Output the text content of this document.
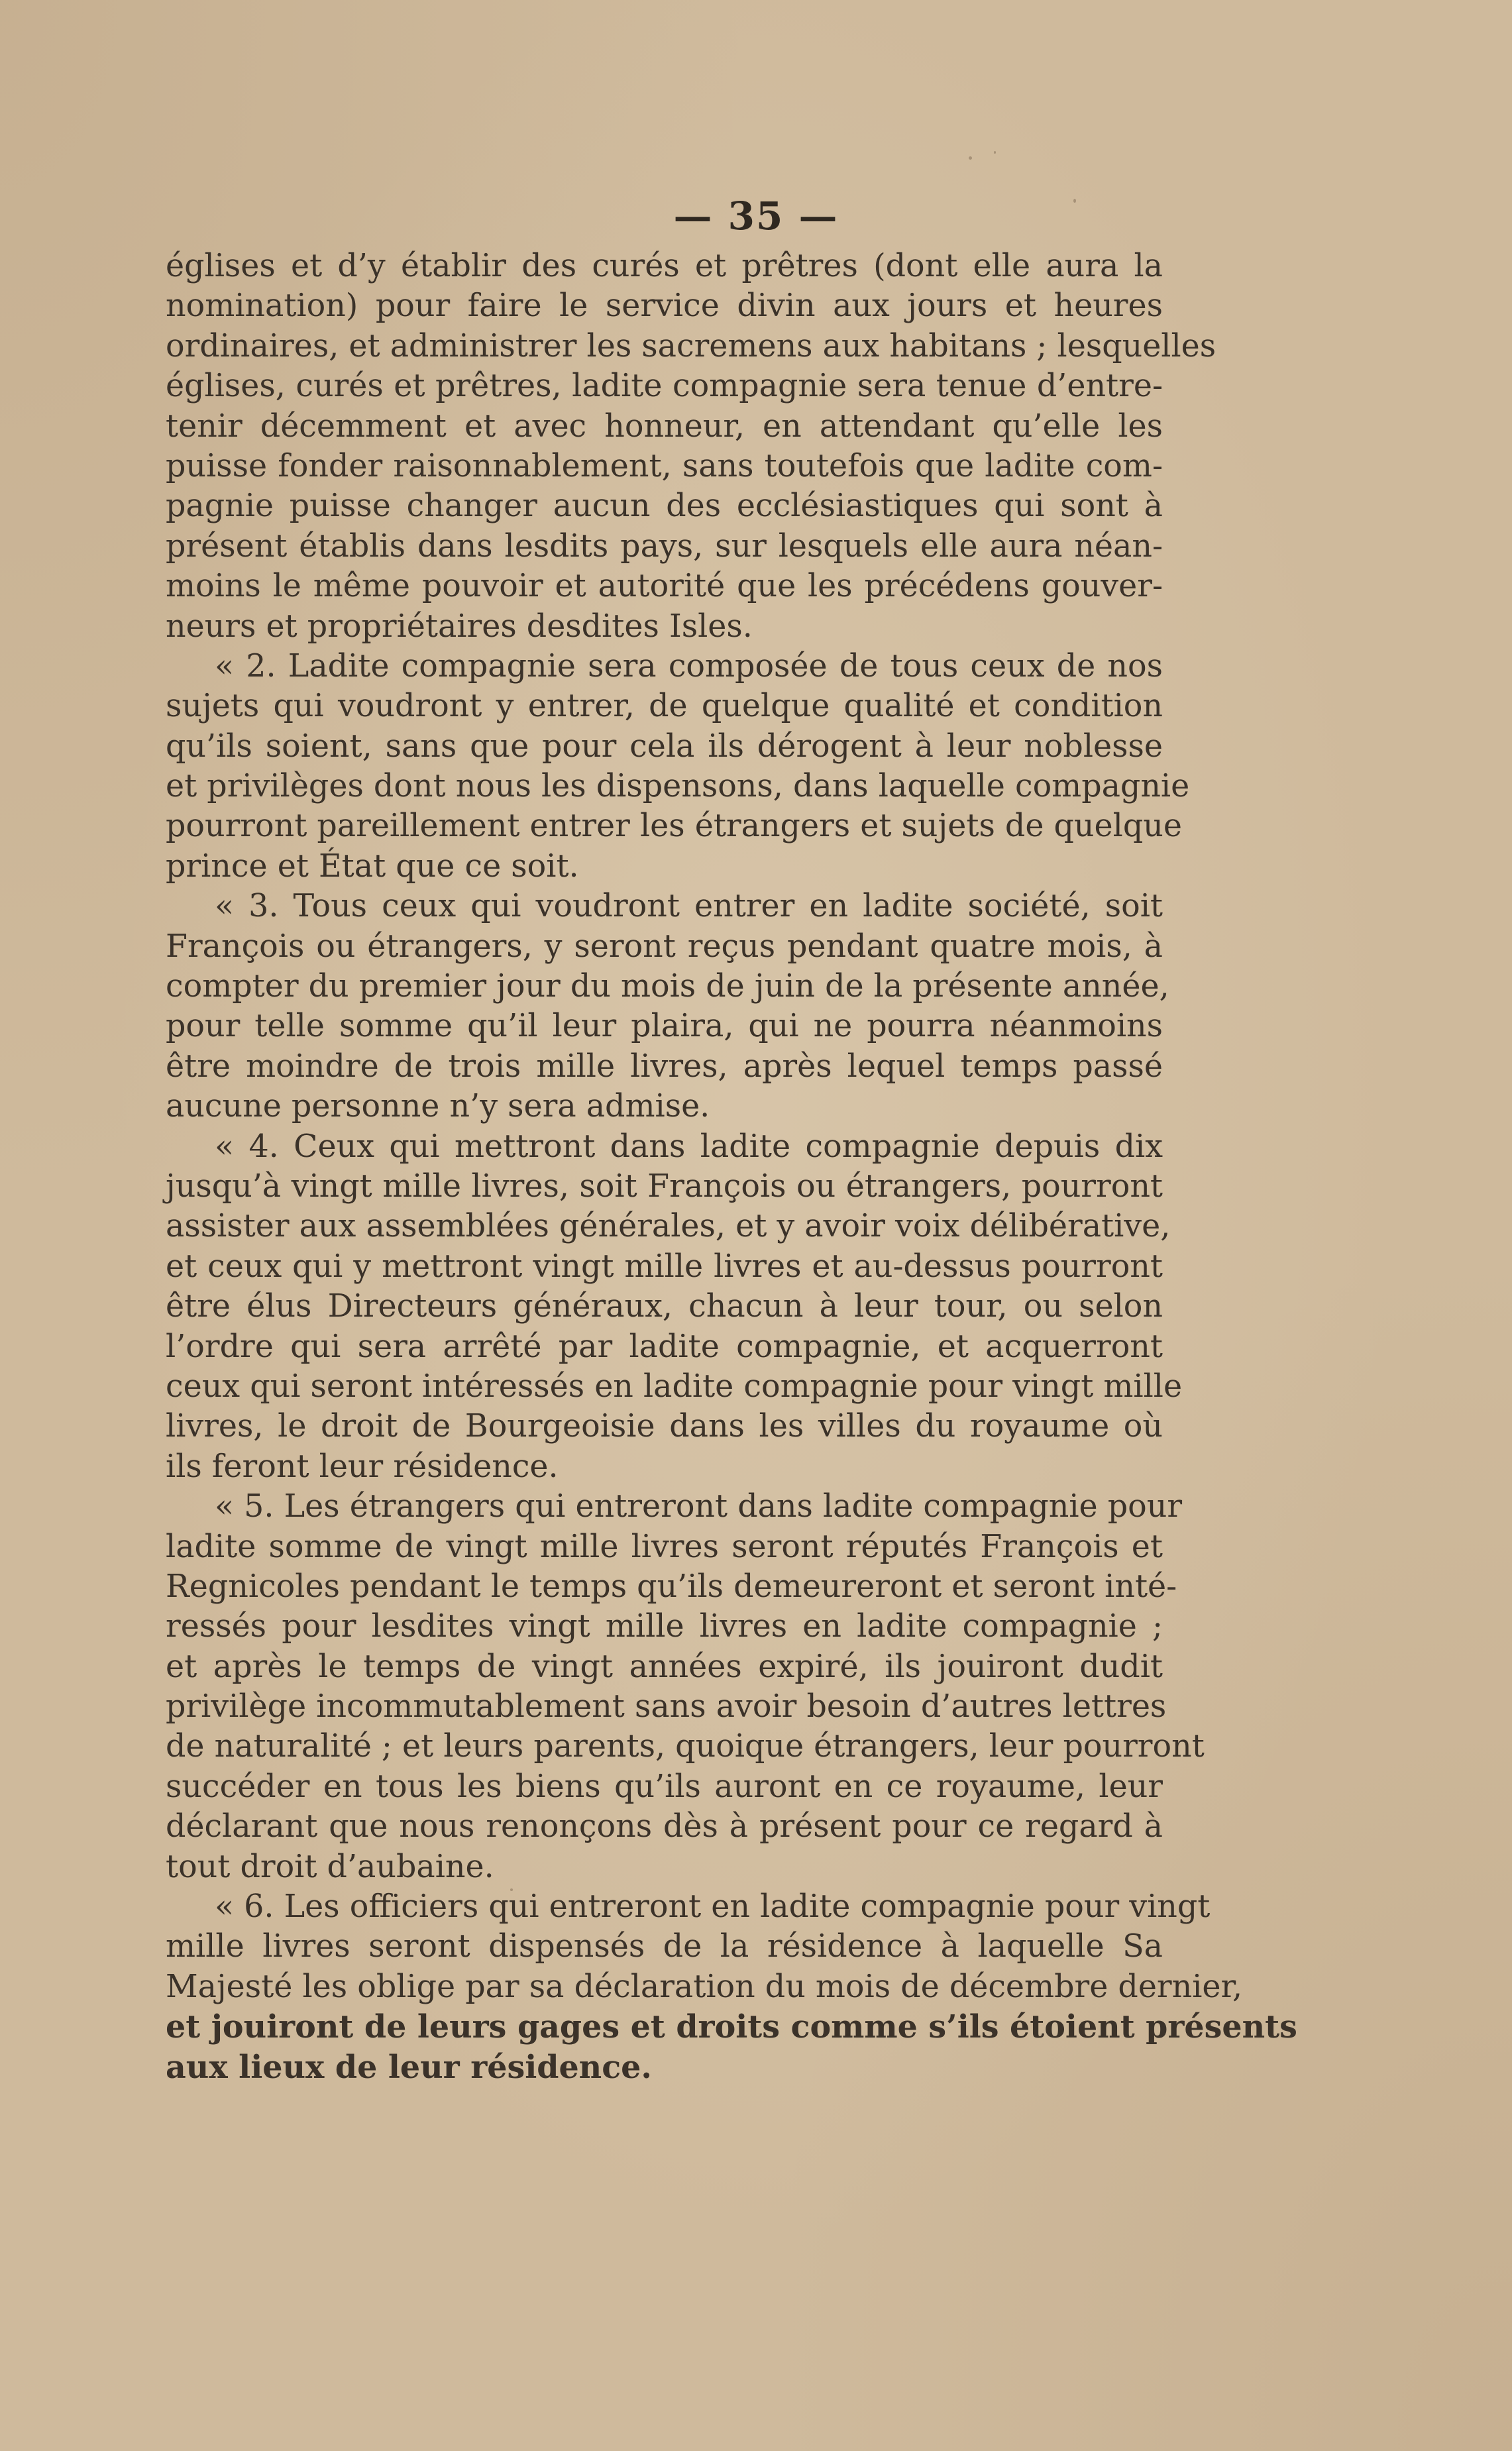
— 35 —
églises et d’y établir des curés et prêtres (dont elle aura la
nomination) pour faire le service divin aux jours et heures
ordinaires, et administrer les sacremens aux habitans ; lesquelles
églises, curés et prêtres, ladite compagnie sera tenue d’entre-
tenir décemment et avec honneur, en attendant qu’elle les
puisse fonder raisonnablement, sans toutefois que ladite com-
pagnie puisse changer aucun des ecclésiastiques qui sont à
présent établis dans lesdits pays, sur lesquels elle aura néan-
moins le même pouvoir et autorité que les précédens gouver-
neurs et propriétaires desdites Isles.
« 2. Ladite compagnie sera composée de tous ceux de nos
sujets qui voudront y entrer, de quelque qualité et condition
qu’ils soient, sans que pour cela ils dérogent à leur noblesse
et privilèges dont nous les dispensons, dans laquelle compagnie
pourront pareillement entrer les étrangers et sujets de quelque
prince et État que ce soit.
« 3. Tous ceux qui voudront entrer en ladite société, soit
François ou étrangers, y seront reçus pendant quatre mois, à
compter du premier jour du mois de juin de la présente année,
pour telle somme qu’il leur plaira, qui ne pourra néanmoins
être moindre de trois mille livres, après lequel temps passé
aucune personne n’y sera admise.
« 4. Ceux qui mettront dans ladite compagnie depuis dix
jusqu’à vingt mille livres, soit François ou étrangers, pourront
assister aux assemblées générales, et y avoir voix délibérative,
et ceux qui y mettront vingt mille livres et au-dessus pourront
être élus Directeurs généraux, chacun à leur tour, ou selon
l’ordre qui sera arrêté par ladite compagnie, et acquerront
ceux qui seront intéressés en ladite compagnie pour vingt mille
livres, le droit de Bourgeoisie dans les villes du royaume où
ils feront leur résidence.
« 5. Les étrangers qui entreront dans ladite compagnie pour
ladite somme de vingt mille livres seront réputés François et
Regnicoles pendant le temps qu’ils demeureront et seront inté-
ressés pour lesdites vingt mille livres en ladite compagnie ;
et après le temps de vingt années expiré, ils jouiront dudit
privilège incommutablement sans avoir besoin d’autres lettres
de naturalité ; et leurs parents, quoique étrangers, leur pourront
succéder en tous les biens qu’ils auront en ce royaume, leur
déclarant que nous renonçons dès à présent pour ce regard à
tout droit d’aubaine.
« 6. Les officiers qui entreront en ladite compagnie pour vingt
mille livres seront dispensés de la résidence à laquelle Sa
Majesté les oblige par sa déclaration du mois de décembre dernier,
et jouiront de leurs gages et droits comme s’ils étoient présents
aux lieux de leur résidence.
